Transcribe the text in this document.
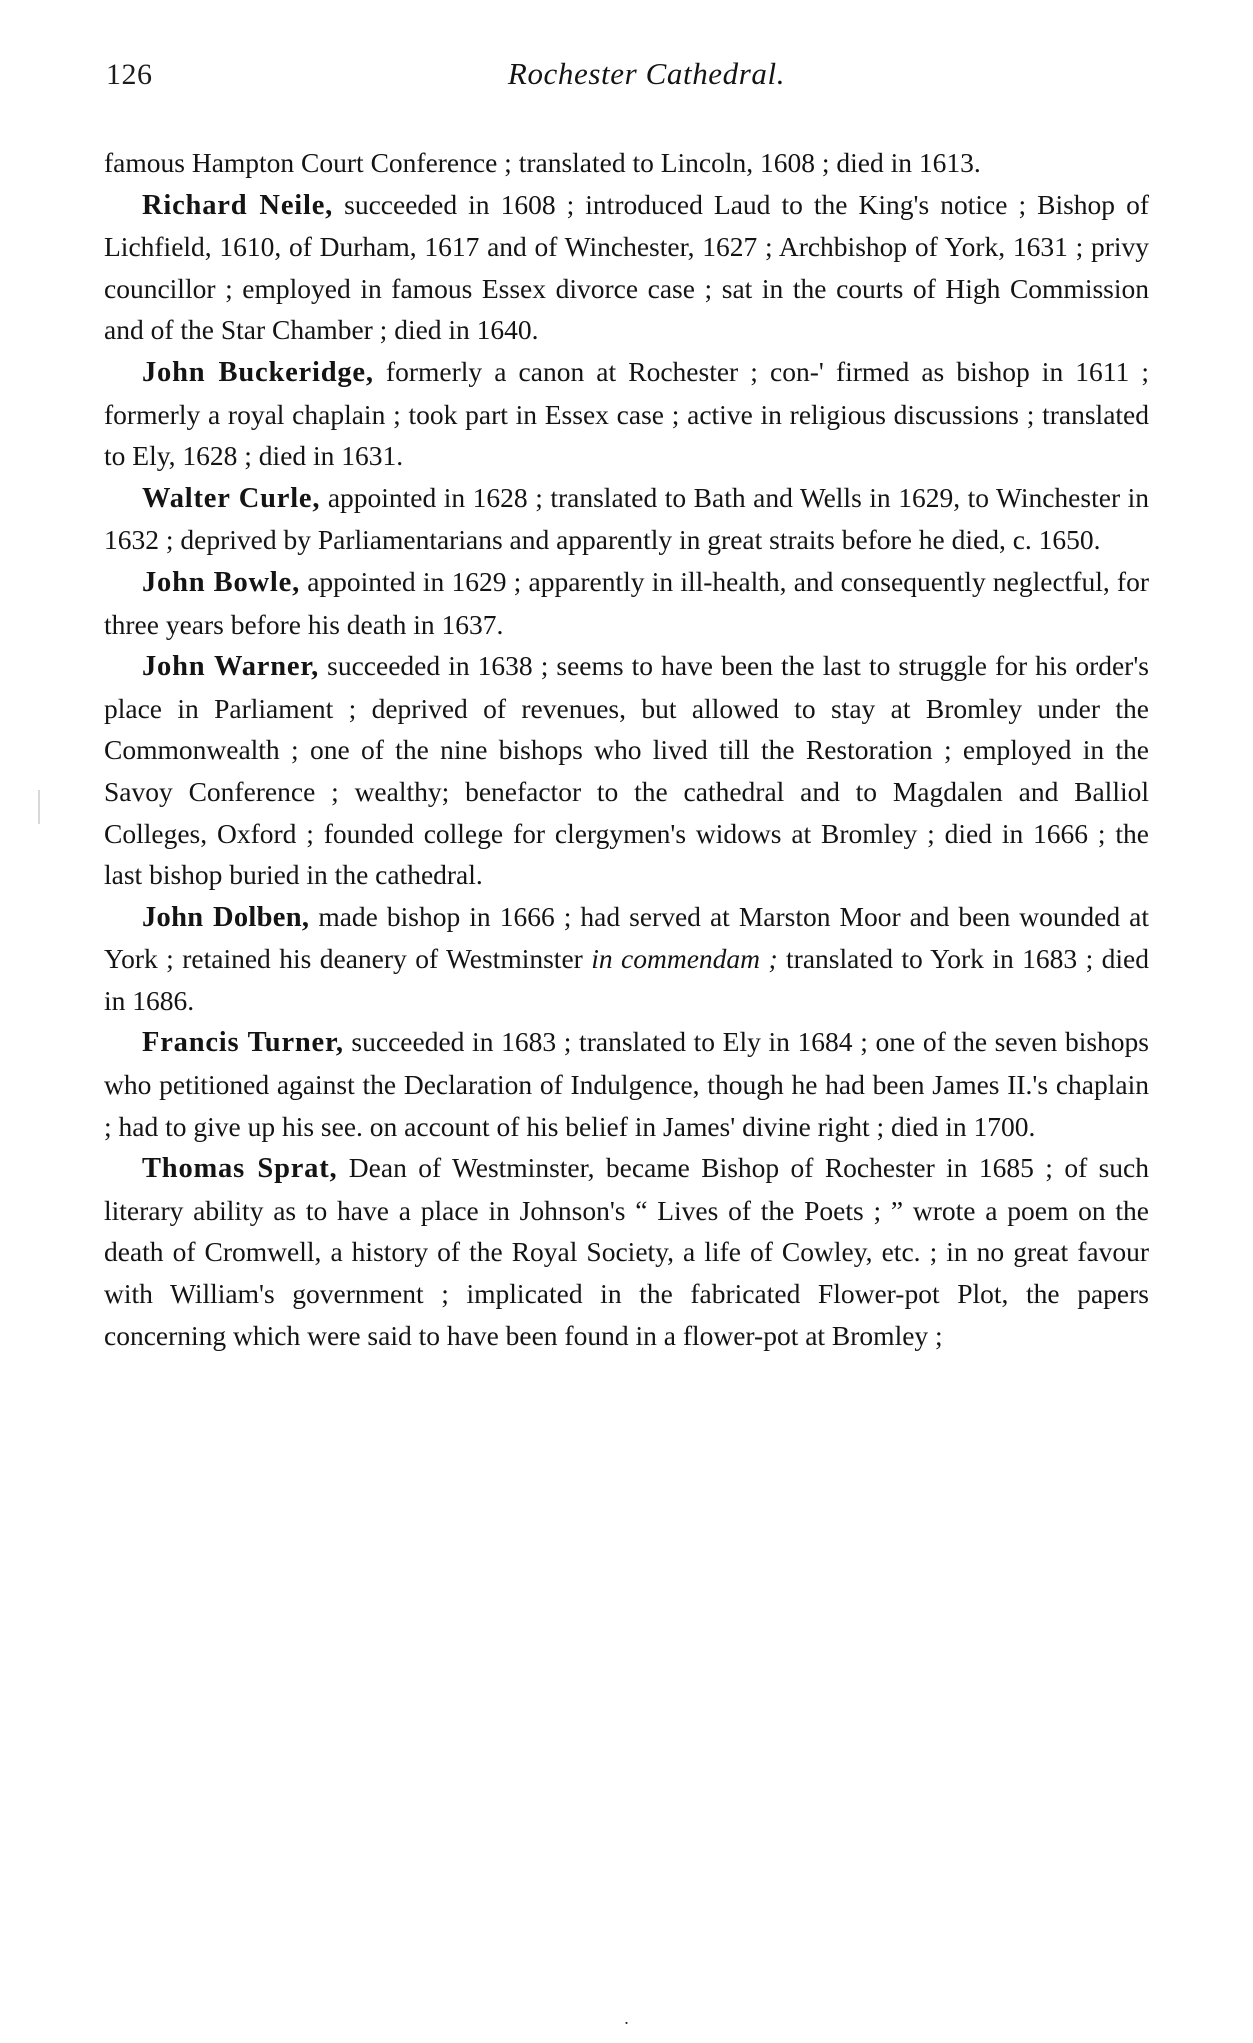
126	Rochester Cathedral.

famous Hampton Court Conference ; translated to Lincoln, 1608 ; died in 1613.

Richard Neile, succeeded in 1608 ; introduced Laud to the King's notice ; Bishop of Lichfield, 1610, of Durham, 1617 and of Winchester, 1627 ; Archbishop of York, 1631 ; privy councillor ; employed in famous Essex divorce case ; sat in the courts of High Commission and of the Star Chamber ; died in 1640.

John Buckeridge, formerly a canon at Rochester ; con-' firmed as bishop in 1611 ; formerly a royal chaplain ; took part in Essex case ; active in religious discussions ; translated to Ely, 1628 ; died in 1631.

Walter Curle, appointed in 1628 ; translated to Bath and Wells in 1629, to Winchester in 1632 ; deprived by Parliamentarians and apparently in great straits before he died, c. 1650.

John Bowle, appointed in 1629 ; apparently in ill-health, and consequently neglectful, for three years before his death in 1637.

John Warner, succeeded in 1638 ; seems to have been the last to struggle for his order's place in Parliament ; deprived of revenues, but allowed to stay at Bromley under the Commonwealth ; one of the nine bishops who lived till the Restoration ; employed in the Savoy Conference ; wealthy; benefactor to the cathedral and to Magdalen and Balliol Colleges, Oxford ; founded college for clergymen's widows at Bromley ; died in 1666 ; the last bishop buried in the cathedral.

John Dolben, made bishop in 1666 ; had served at Marston Moor and been wounded at York ; retained his deanery of Westminster in commendam ; translated to York in 1683 ; died in 1686.

Francis Turner, succeeded in 1683 ; translated to Ely in 1684 ; one of the seven bishops who petitioned against the Declaration of Indulgence, though he had been James II.'s chaplain ; had to give up his see. on account of his belief in James' divine right ; died in 1700.

Thomas Sprat, Dean of Westminster, became Bishop of Rochester in 1685 ; of such literary ability as to have a place in Johnson's “ Lives of the Poets ; ” wrote a poem on the death of Cromwell, a history of the Royal Society, a life of Cowley, etc. ; in no great favour with William's government ; implicated in the fabricated Flower-pot Plot, the papers concerning which were said to have been found in a flower-pot at Bromley ;

.
